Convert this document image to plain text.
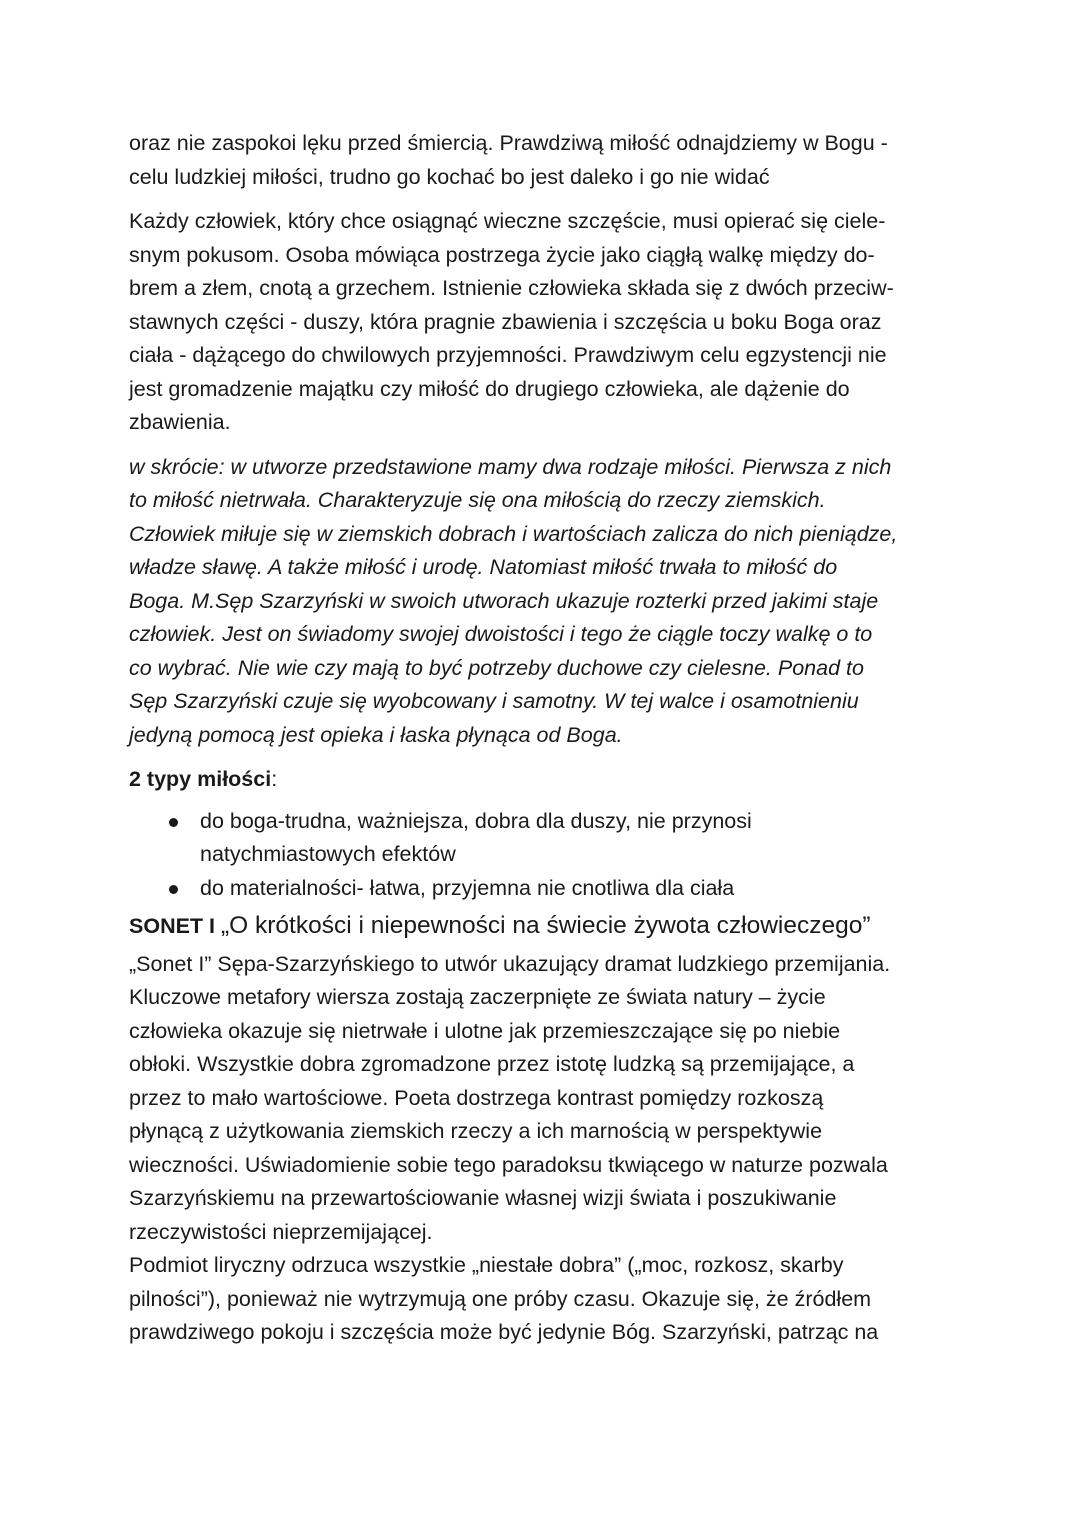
oraz nie zaspokoi lęku przed śmiercią. Prawdziwą miłość odnajdziemy w Bogu -
celu ludzkiej miłości, trudno go kochać bo jest daleko i go nie widać
Każdy człowiek, który chce osiągnąć wieczne szczęście, musi opierać się ciele-
snym pokusom. Osoba mówiąca postrzega życie jako ciągłą walkę między do-
brem a złem, cnotą a grzechem. Istnienie człowieka składa się z dwóch przeciw-
stawnych części - duszy, która pragnie zbawienia i szczęścia u boku Boga oraz
ciała - dążącego do chwilowych przyjemności. Prawdziwym celu egzystencji nie
jest gromadzenie majątku czy miłość do drugiego człowieka, ale dążenie do
zbawienia.
w skrócie: w utworze przedstawione mamy dwa rodzaje miłości. Pierwsza z nich
to miłość nietrwała. Charakteryzuje się ona miłością do rzeczy ziemskich.
Człowiek miłuje się w ziemskich dobrach i wartościach zalicza do nich pieniądze,
władze sławę. A także miłość i urodę. Natomiast miłość trwała to miłość do
Boga. M.Sęp Szarzyński w swoich utworach ukazuje rozterki przed jakimi staje
człowiek. Jest on świadomy swojej dwoistości i tego że ciągle toczy walkę o to
co wybrać. Nie wie czy mają to być potrzeby duchowe czy cielesne. Ponad to
Sęp Szarzyński czuje się wyobcowany i samotny. W tej walce i osamotnieniu
jedyną pomocą jest opieka i łaska płynąca od Boga.
2 typy miłości:
do boga-trudna, ważniejsza, dobra dla duszy, nie przynosi
natychmiastowych efektów
do materialności- łatwa, przyjemna nie cnotliwa dla ciała
SONET I „O krótkości i niepewności na świecie żywota człowieczego”
„Sonet I” Sępa-Szarzyńskiego to utwór ukazujący dramat ludzkiego przemijania.
Kluczowe metafory wiersza zostają zaczerpnięte ze świata natury – życie
człowieka okazuje się nietrwałe i ulotne jak przemieszczające się po niebie
obłoki. Wszystkie dobra zgromadzone przez istotę ludzką są przemijające, a
przez to mało wartościowe. Poeta dostrzega kontrast pomiędzy rozkoszą
płynącą z użytkowania ziemskich rzeczy a ich marnością w perspektywie
wieczności. Uświadomienie sobie tego paradoksu tkwiącego w naturze pozwala
Szarzyńskiemu na przewartościowanie własnej wizji świata i poszukiwanie
rzeczywistości nieprzemijającej.
Podmiot liryczny odrzuca wszystkie „niestałe dobra” („moc, rozkosz, skarby
pilności”), ponieważ nie wytrzymują one próby czasu. Okazuje się, że źródłem
prawdziwego pokoju i szczęścia może być jedynie Bóg. Szarzyński, patrząc na
